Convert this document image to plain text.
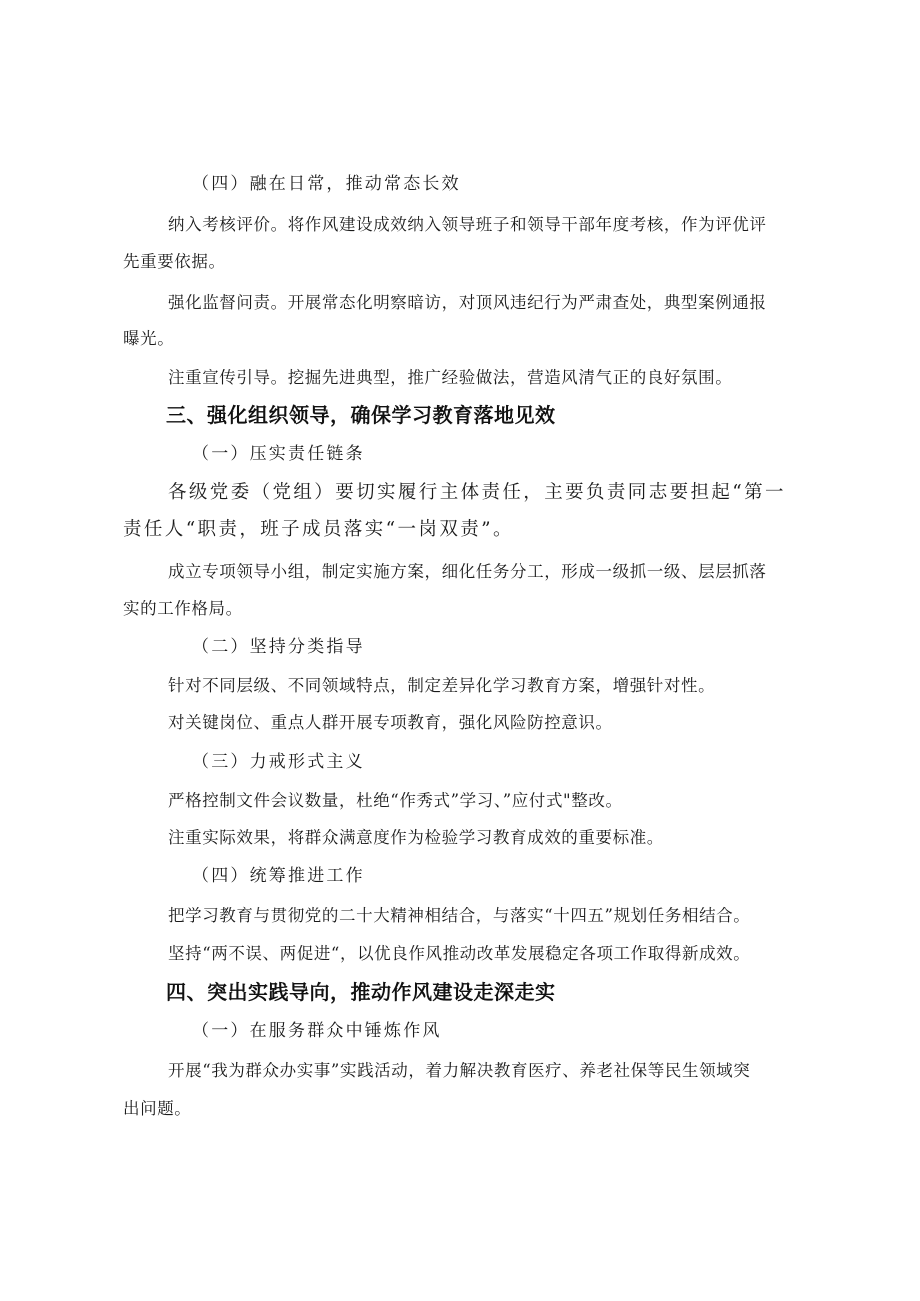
（四）融在日常，推动常态长效
纳入考核评价。将作风建设成效纳入领导班子和领导干部年度考核，作为评优评
先重要依据。
强化监督问责。开展常态化明察暗访，对顶风违纪行为严肃查处，典型案例通报
曝光。
注重宣传引导。挖掘先进典型，推广经验做法，营造风清气正的良好氛围。
三、强化组织领导，确保学习教育落地见效
（一）压实责任链条
各级党委（党组）要切实履行主体责任，主要负责同志要担起“第一
责任人“职责，班子成员落实“一岗双责”。
成立专项领导小组，制定实施方案，细化任务分工，形成一级抓一级、层层抓落
实的工作格局。
（二）坚持分类指导
针对不同层级、不同领域特点，制定差异化学习教育方案，增强针对性。
对关键岗位、重点人群开展专项教育，强化风险防控意识。
（三）力戒形式主义
严格控制文件会议数量，杜绝“作秀式”学习、”应付式"整改。
注重实际效果，将群众满意度作为检验学习教育成效的重要标准。
（四）统筹推进工作
把学习教育与贯彻党的二十大精神相结合，与落实“十四五”规划任务相结合。
坚持“两不误、两促进“，以优良作风推动改革发展稳定各项工作取得新成效。
四、突出实践导向，推动作风建设走深走实
（一）在服务群众中锤炼作风
开展“我为群众办实事”实践活动，着力解决教育医疗、养老社保等民生领域突
出问题。
